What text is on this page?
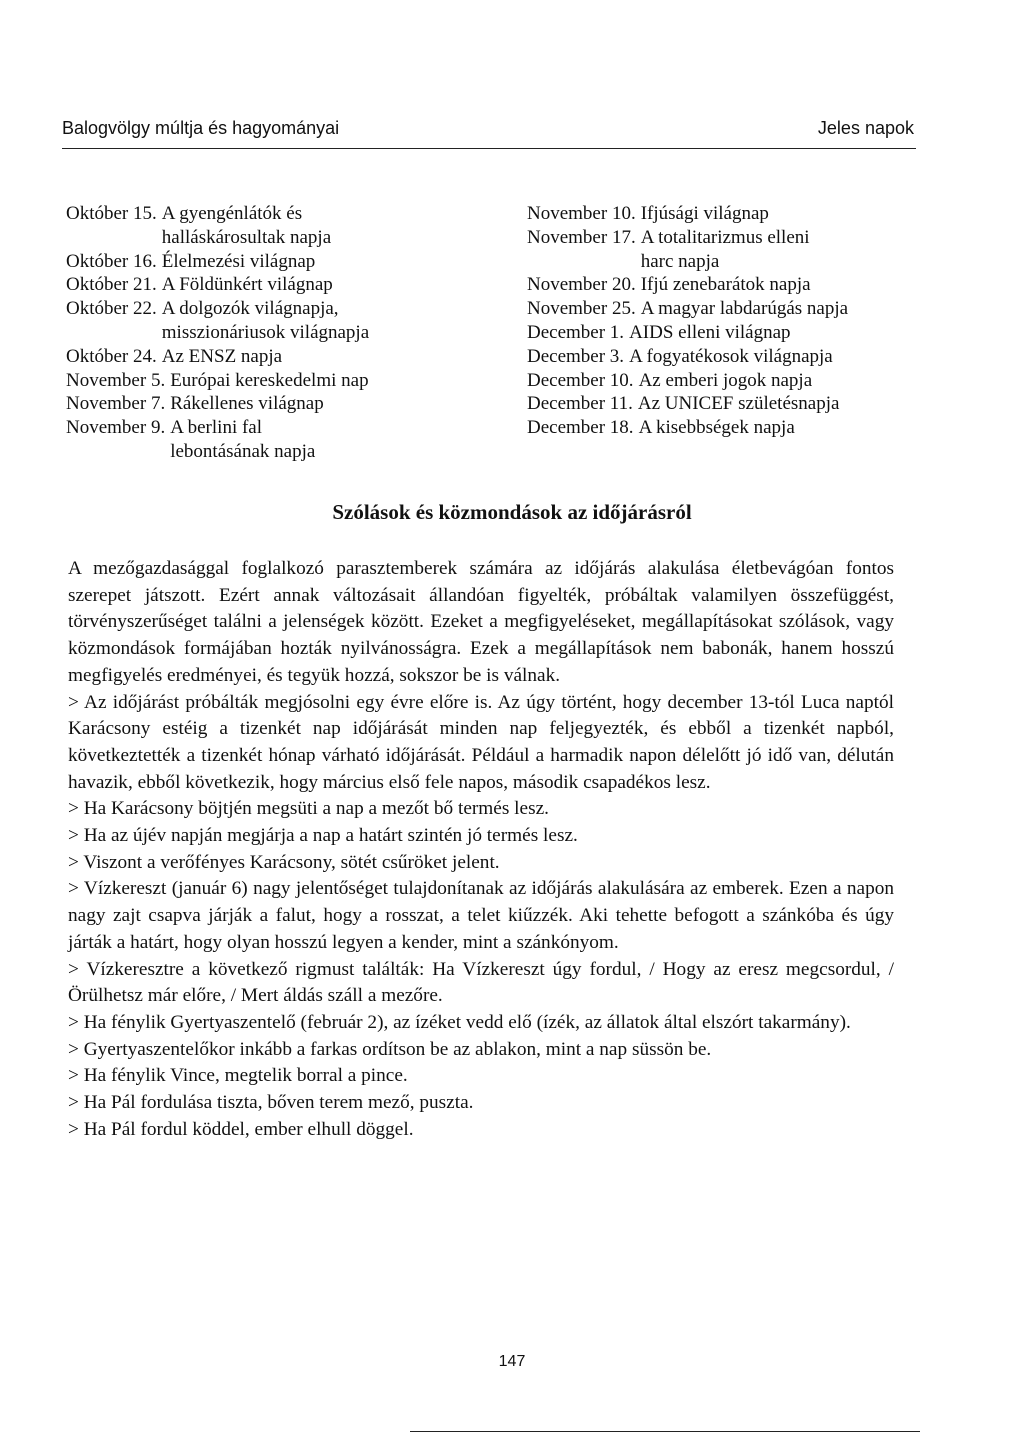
Balogvölgy múltja és hagyományai	Jeles napok
Október 15. A gyengénlátók és
halláskárosultak napja
Október 16. Élelmezési világnap
Október 21. A Földünkért világnap
Október 22. A dolgozók világnapja,
misszionáriusok világnapja
Október 24. Az ENSZ napja
November 5. Európai kereskedelmi nap
November 7. Rákellenes világnap
November 9. A berlini fal
lebontásának napja
November 10. Ifjúsági világnap
November 17. A totalitarizmus elleni
harc napja
November 20. Ifjú zenebarátok napja
November 25. A magyar labdarúgás napja
December 1. AIDS elleni világnap
December 3. A fogyatékosok világnapja
December 10. Az emberi jogok napja
December 11. Az UNICEF születésnapja
December 18. A kisebbségek napja
Szólások és közmondások az időjárásról

A mezőgazdasággal foglalkozó parasztemberek számára az időjárás alakulása életbevágóan fontos szerepet játszott. Ezért annak változásait állandóan figyelték, próbáltak valamilyen összefüggést, törvényszerűséget találni a jelenségek között. Ezeket a megfigyeléseket, megállapításokat szólások, vagy közmondások formájában hozták nyilvánosságra. Ezek a megállapítások nem babonák, hanem hosszú megfigyelés eredményei, és tegyük hozzá, sokszor be is válnak.

> Az időjárást próbálták megjósolni egy évre előre is. Az úgy történt, hogy december 13-tól Luca naptól Karácsony estéig a tizenkét nap időjárását minden nap feljegyezték, és ebből a tizenkét napból, következtették a tizenkét hónap várható időjárását. Például a harmadik napon délelőtt jó idő van, délután havazik, ebből következik, hogy március első fele napos, második csapadékos lesz.

> Ha Karácsony böjtjén megsüti a nap a mezőt bő termés lesz.

> Ha az újév napján megjárja a nap a határt szintén jó termés lesz.

> Viszont a verőfényes Karácsony, sötét csűröket jelent.

> Vízkereszt (január 6) nagy jelentőséget tulajdonítanak az időjárás alakulására az emberek. Ezen a napon nagy zajt csapva járják a falut, hogy a rosszat, a telet kiűzzék. Aki tehette befogott a szánkóba és úgy járták a határt, hogy olyan hosszú legyen a kender, mint a szánkónyom.

> Vízkeresztre a következő rigmust találták: Ha Vízkereszt úgy fordul, / Hogy az eresz megcsordul, / Örülhetsz már előre, / Mert áldás száll a mezőre.

> Ha fénylik Gyertyaszentelő (február 2), az ízéket vedd elő (ízék, az állatok által elszórt takarmány).

> Gyertyaszentelőkor inkább a farkas ordítson be az ablakon, mint a nap süssön be.

> Ha fénylik Vince, megtelik borral a pince.

> Ha Pál fordulása tiszta, bőven terem mező, puszta.

> Ha Pál fordul köddel, ember elhull döggel.

147
